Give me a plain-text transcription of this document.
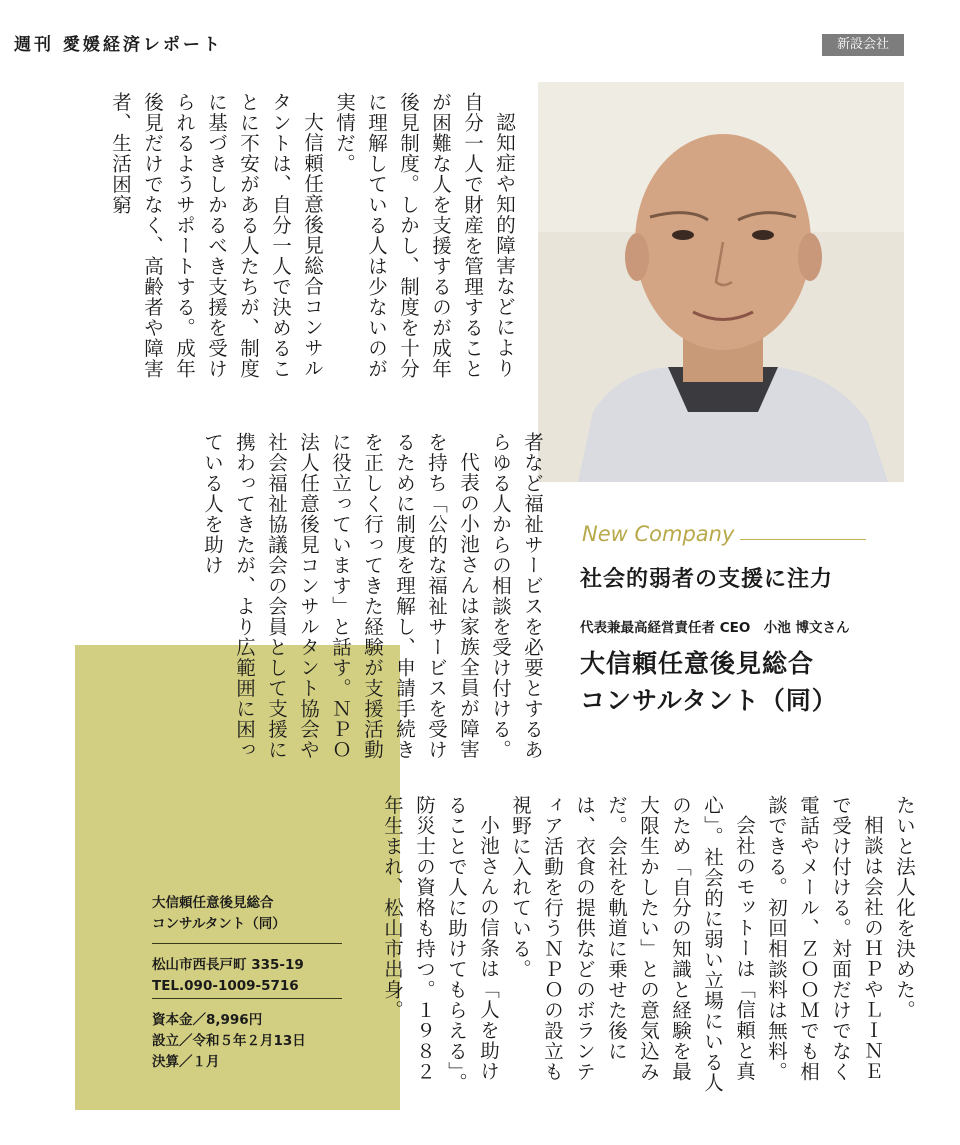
週刊 愛媛経済レポート	新設会社

認知症や知的障害などにより自分一人で財産を管理することが困難な人を支援するのが成年後見制度。しかし、制度を十分に理解している人は少ないのが実情だ。

大信頼任意後見総合コンサルタントは、自分一人で決めることに不安がある人たちが、制度に基づきしかるべき支援を受けられるようサポートする。成年後見だけでなく、高齢者や障害者、生活困窮

者など福祉サービスを必要とするあらゆる人からの相談を受け付ける。

代表の小池さんは家族全員が障害を持ち「公的な福祉サービスを受けるために制度を理解し、申請手続きを正しく行ってきた経験が支援活動に役立っています」と話す。ＮＰＯ法人任意後見コンサルタント協会や社会福祉協議会の会員として支援に携わってきたが、より広範囲に困っている人を助け

たいと法人化を決めた。

相談は会社のＨＰやＬＩＮＥで受け付ける。対面だけでなく電話やメール、ＺＯＯＭでも相談できる。初回相談料は無料。

会社のモットーは「信頼と真心」。社会的に弱い立場にいる人のため「自分の知識と経験を最大限生かしたい」との意気込みだ。会社を軌道に乗せた後には、衣食の提供などのボランティア活動を行うＮＰＯの設立も視野に入れている。

小池さんの信条は「人を助けることで人に助けてもらえる」。防災士の資格も持つ。１９８２年生まれ、松山市出身。

New Company
社会的弱者の支援に注力
代表兼最高経営責任者 CEO　小池 博文さん
大信頼任意後見総合
コンサルタント（同）
大信頼任意後見総合
コンサルタント（同）
松山市西長戸町 335-19
TEL.090-1009-5716
資本金／8,996円
設立／令和５年２月13日
決算／１月
